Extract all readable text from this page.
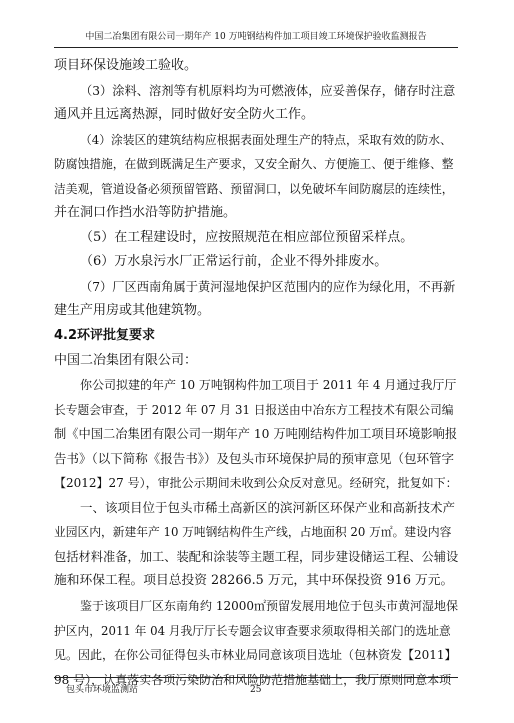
中国二冶集团有限公司一期年产 10 万吨钢结构件加工项目竣工环境保护验收监测报告
项目环保设施竣工验收。
（3）涂料、溶剂等有机原料均为可燃液体，应妥善保存，储存时注意
通风并且远离热源，同时做好安全防火工作。
（4）涂装区的建筑结构应根据表面处理生产的特点，采取有效的防水、
防腐蚀措施，在做到既满足生产要求，又安全耐久、方便施工、便于维修、整
洁美观，管道设备必须预留管路、预留洞口，以免破坏车间防腐层的连续性，
并在洞口作挡水沿等防护措施。
（5）在工程建设时，应按照规范在相应部位预留采样点。
（6）万水泉污水厂正常运行前，企业不得外排废水。
（7）厂区西南角属于黄河湿地保护区范围内的应作为绿化用，不再新
建生产用房或其他建筑物。
4.2环评批复要求
中国二冶集团有限公司：
你公司拟建的年产 10 万吨钢构件加工项目于 2011 年 4 月通过我厅厅
长专题会审查，于 2012 年 07 月 31 日报送由中冶东方工程技术有限公司编
制《中国二冶集团有限公司一期年产 10 万吨刚结构件加工项目环境影响报
告书》（以下简称《报告书》）及包头市环境保护局的预审意见（包环管字
【2012】27 号），审批公示期间未收到公众反对意见。经研究，批复如下：
一、该项目位于包头市稀土高新区的滨河新区环保产业和高新技术产
业园区内，新建年产 10 万吨钢结构件生产线，占地面积 20 万㎡。建设内容
包括材料准备，加工、装配和涂装等主题工程，同步建设储运工程、公辅设
施和环保工程。项目总投资 28266.5 万元，其中环保投资 916 万元。
鉴于该项目厂区东南角约 12000㎡预留发展用地位于包头市黄河湿地保
护区内，2011 年 04 月我厅厅长专题会议审查要求须取得相关部门的选址意
见。因此，在你公司征得包头市林业局同意该项目选址（包林资发【2011】
98 号），认真落实各项污染防治和风险防范措施基础上，我厅原则同意本项
包头市环境监测站	25
